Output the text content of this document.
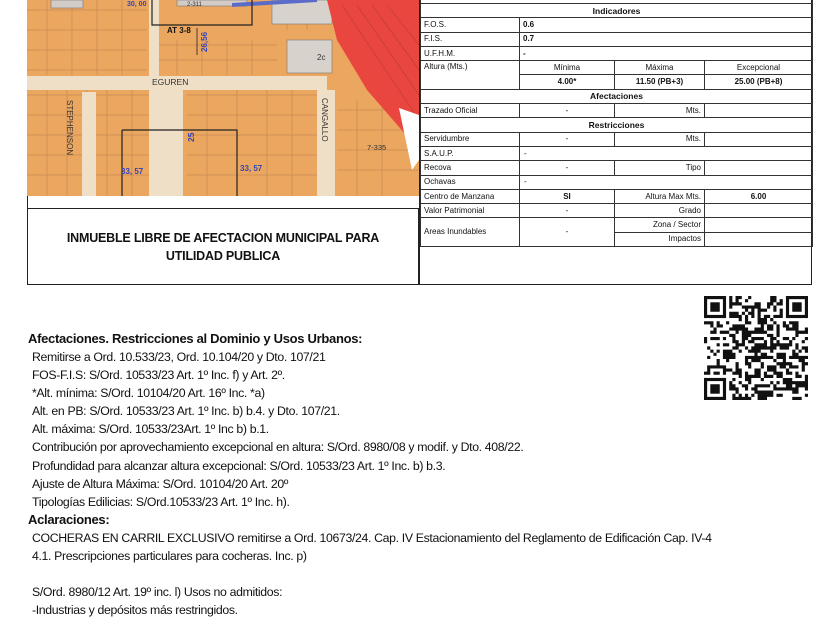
AT 3-8
26,56
30, 00	2-311
EGUREN
STEPHENSON	CANGALLO
2c
7-335
25
33, 57	33, 57
INMUEBLE LIBRE DE AFECTACION MUNICIPAL PARA UTILIDAD PUBLICA

Indicadores			
F.O.S.	0.6		
F.I.S.	0.7		
U.F.H.M.	-		
Altura (Mts.)	Mínima	Máxima	Excepcional
	4.00*	11.50 (PB+3)	25.00 (PB+8)
Afectaciones			
Trazado Oficial	-	Mts.	
Restricciones			
Servidumbre	-	Mts.	
S.A.U.P.	-		
Recova	-	Tipo	
Ochavas	-		
Centro de Manzana	SI	Altura Max Mts.	6.00
Valor Patrimonial	-	Grado	
Areas Inundables	-	Zona / Sector	
		Impactos	
Afectaciones. Restricciones al Dominio y Usos Urbanos:
Remitirse a Ord. 10.533/23, Ord. 10.104/20 y Dto. 107/21
FOS-F.I.S: S/Ord. 10533/23 Art. 1º Inc. f) y Art. 2º.
*Alt. mínima: S/Ord. 10104/20 Art. 16º Inc. *a)
Alt. en PB: S/Ord. 10533/23 Art. 1º Inc. b) b.4. y Dto. 107/21.
Alt. máxima: S/Ord. 10533/23Art. 1º Inc b) b.1.
Contribución por aprovechamiento excepcional en altura: S/Ord. 8980/08 y modif. y Dto. 408/22.
Profundidad para alcanzar altura excepcional: S/Ord. 10533/23 Art. 1º Inc. b) b.3.
Ajuste de Altura Máxima: S/Ord. 10104/20 Art. 20º
Tipologías Edilicias: S/Ord.10533/23 Art. 1º Inc. h).
Aclaraciones:
COCHERAS EN CARRIL EXCLUSIVO remitirse a Ord. 10673/24. Cap. IV Estacionamiento del Reglamento de Edificación Cap. IV-4
4.1. Prescripciones particulares para cocheras. Inc. p)
S/Ord. 8980/12 Art. 19º inc. l) Usos no admitidos:
-Industrias y depósitos más restringidos.
